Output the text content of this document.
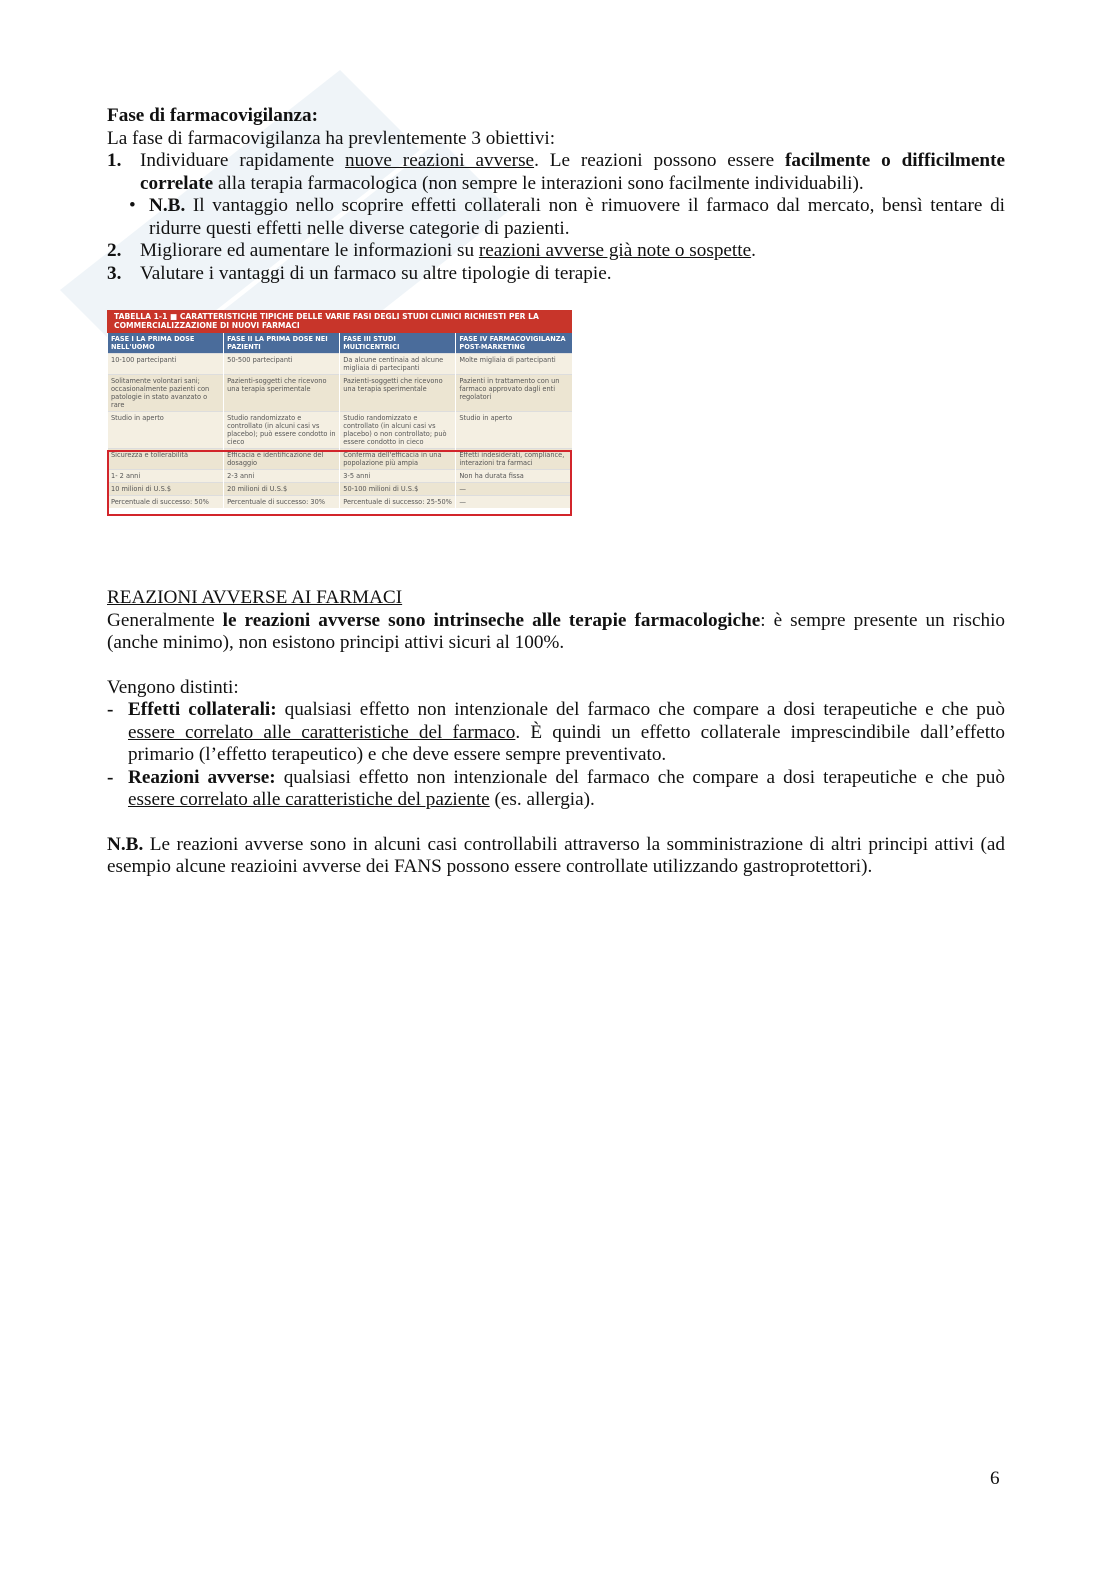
Fase di farmacovigilanza:

La fase di farmacovigilanza ha prevlentemente 3 obiettivi:

1. Individuare rapidamente nuove reazioni avverse. Le reazioni possono essere facilmente o difficilmente correlate alla terapia farmacologica (non sempre le interazioni sono facilmente individuabili).
• N.B. Il vantaggio nello scoprire effetti collaterali non è rimuovere il farmaco dal mercato, bensì tentare di ridurre questi effetti nelle diverse categorie di pazienti.
2. Migliorare ed aumentare le informazioni su reazioni avverse già note o sospette.
3. Valutare i vantaggi di un farmaco su altre tipologie di terapie.

REAZIONI AVVERSE AI FARMACI

Generalmente le reazioni avverse sono intrinseche alle terapie farmacologiche: è sempre presente un rischio (anche minimo), non esistono principi attivi sicuri al 100%.

Vengono distinti:

- Effetti collaterali: qualsiasi effetto non intenzionale del farmaco che compare a dosi terapeutiche e che può essere correlato alle caratteristiche del farmaco. È quindi un effetto collaterale imprescindibile dall’effetto primario (l’effetto terapeutico) e che deve essere sempre preventivato.
- Reazioni avverse: qualsiasi effetto non intenzionale del farmaco che compare a dosi terapeutiche e che può essere correlato alle caratteristiche del paziente (es. allergia).

N.B. Le reazioni avverse sono in alcuni casi controllabili attraverso la somministrazione di altri principi attivi (ad esempio alcune reazioini avverse dei FANS possono essere controllate utilizzando gastroprotettori).

TABELLA 1-1 ■ CARATTERISTICHE TIPICHE DELLE VARIE FASI DEGLI STUDI CLINICI RICHIESTI PER LA COMMERCIALIZZAZIONE DI NUOVI FARMACI
FASE I LA PRIMA DOSE NELL'UOMO	FASE II LA PRIMA DOSE NEI PAZIENTI	FASE III STUDI MULTICENTRICI	FASE IV FARMACOVIGILANZA POST-MARKETING
10-100 partecipanti	50-500 partecipanti	Da alcune centinaia ad alcune migliaia di partecipanti	Molte migliaia di partecipanti
Solitamente volontari sani; occasionalmente pazienti con patologie in stato avanzato o rare	Pazienti-soggetti che ricevono una terapia sperimentale	Pazienti-soggetti che ricevono una terapia sperimentale	Pazienti in trattamento con un farmaco approvato dagli enti regolatori
Studio in aperto	Studio randomizzato e controllato (in alcuni casi vs placebo); può essere condotto in cieco	Studio randomizzato e controllato (in alcuni casi vs placebo) o non controllato; può essere condotto in cieco	Studio in aperto
Sicurezza e tollerabilità	Efficacia e identificazione del dosaggio	Conferma dell'efficacia in una popolazione più ampia	Effetti indesiderati, compliance, interazioni tra farmaci
1- 2 anni	2-3 anni	3-5 anni	Non ha durata fissa
10 milioni di U.S.$	20 milioni di U.S.$	50-100 milioni di U.S.$	—
Percentuale di successo: 50%	Percentuale di successo: 30%	Percentuale di successo: 25-50%	—
6
